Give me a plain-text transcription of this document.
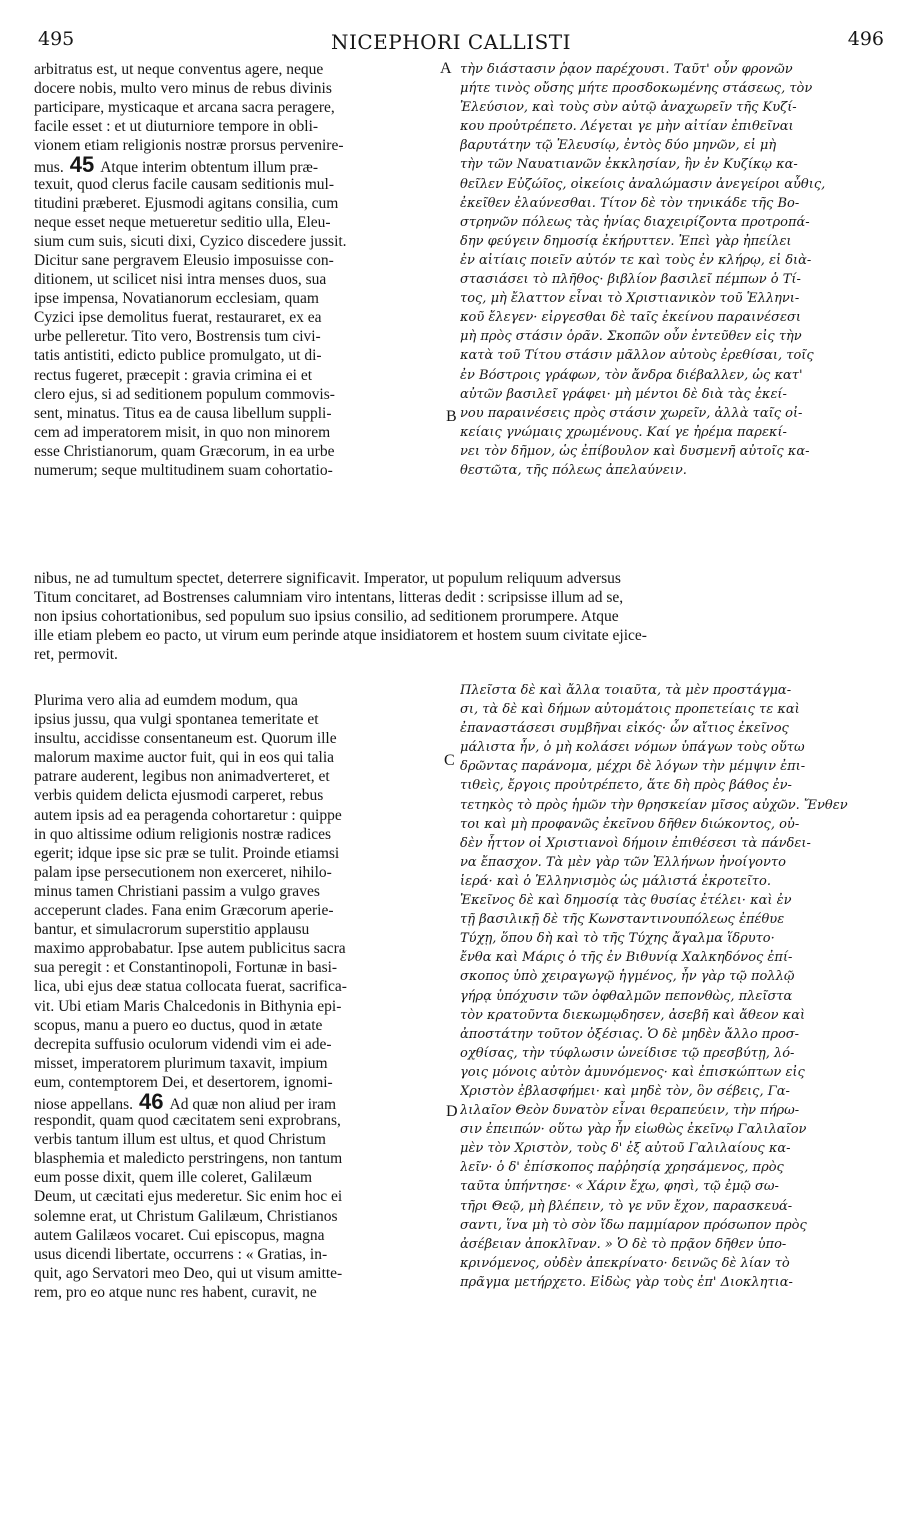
495	NICEPHORI CALLISTI	496
A
B
C
D
arbitratus est, ut neque conventus agere, neque
docere nobis, multo vero minus de rebus divinis
participare, mysticaque et arcana sacra peragere,
facile esset : et ut diuturniore tempore in obli-
vionem etiam religionis nostræ prorsus pervenire-
mus. 45 Atque interim obtentum illum præ-
texuit, quod clerus facile causam seditionis mul-
titudini præberet. Ejusmodi agitans consilia, cum
neque esset neque metueretur seditio ulla, Eleu-
sium cum suis, sicuti dixi, Cyzico discedere jussit.
Dicitur sane pergravem Eleusio imposuisse con-
ditionem, ut scilicet nisi intra menses duos, sua
ipse impensa, Novatianorum ecclesiam, quam
Cyzici ipse demolitus fuerat, restauraret, ex ea
urbe pelleretur. Tito vero, Bostrensis tum civi-
tatis antistiti, edicto publice promulgato, ut di-
rectus fugeret, præcepit : gravia crimina ei et
clero ejus, si ad seditionem populum commovis-
sent, minatus. Titus ea de causa libellum suppli-
cem ad imperatorem misit, in quo non minorem
esse Christianorum, quam Græcorum, in ea urbe
numerum; seque multitudinem suam cohortatio-
τὴν διάστασιν ῥᾳον παρέχουσι. Ταῦτ' οὖν φρονῶν
μήτε τινὸς οὔσης μήτε προσδοκωμένης στάσεως, τὸν
Ἐλεύσιον, καὶ τοὺς σὺν αὐτῷ ἀναχωρεῖν τῆς Κυζί-
κου προὐτρέπετο. Λέγεται γε μὴν αἰτίαν ἐπιθεῖναι
βαρυτάτην τῷ Ἐλευσίῳ, ἐντὸς δύο μηνῶν, εἰ μὴ
τὴν τῶν Ναυατιανῶν ἐκκλησίαν, ἣν ἐν Κυζίκῳ κα-
θεῖλεν Εὐζώῖος, οἰκείοις ἀναλώμασιν ἀνεγείροι αὖθις,
ἐκεῖθεν ἐλαύνεσθαι. Τίτον δὲ τὸν τηνικάδε τῆς Βο-
στρηνῶν πόλεως τὰς ἡνίας διαχειρίζοντα προτροπά-
δην φεύγειν δημοσίᾳ ἐκήρυττεν. Ἐπεὶ γὰρ ἠπείλει
ἐν αἰτίαις ποιεῖν αὐτόν τε καὶ τοὺς ἐν κλήρῳ, εἰ διὰ-
στασιάσει τὸ πλῆθος· βιβλίον βασιλεῖ πέμπων ὁ Τί-
τος, μὴ ἔλαττον εἶναι τὸ Χριστιανικὸν τοῦ Ἑλληνι-
κοῦ ἔλεγεν· εἰργεσθαι δὲ ταῖς ἐκείνου παραινέσεσι
μὴ πρὸς στάσιν ὁρᾶν. Σκοπῶν οὖν ἐντεῦθεν εἰς τὴν
κατὰ τοῦ Τίτου στάσιν μᾶλλον αὐτοὺς ἐρεθίσαι, τοῖς
ἐν Βόστροις γράφων, τὸν ἄνδρα διέβαλλεν, ὡς κατ'
αὐτῶν βασιλεῖ γράφει· μὴ μέντοι δὲ διὰ τὰς ἐκεί-
νου παραινέσεις πρὸς στάσιν χωρεῖν, ἀλλὰ ταῖς οἰ-
κείαις γνώμαις χρωμένους. Καί γε ἠρέμα παρεκί-
νει τὸν δῆμον, ὡς ἐπίβουλον καὶ δυσμενῆ αὐτοῖς κα-
θεστῶτα, τῆς πόλεως ἀπελαύνειν.
nibus, ne ad tumultum spectet, deterrere significavit. Imperator, ut populum reliquum adversus
Titum concitaret, ad Bostrenses calumniam viro intentans, litteras dedit : scripsisse illum ad se,
non ipsius cohortationibus, sed populum suo ipsius consilio, ad seditionem prorumpere. Atque
ille etiam plebem eo pacto, ut virum eum perinde atque insidiatorem et hostem suum civitate ejice-
ret, permovit.
Plurima vero alia ad eumdem modum, qua
ipsius jussu, qua vulgi spontanea temeritate et
insultu, accidisse consentaneum est. Quorum ille
malorum maxime auctor fuit, qui in eos qui talia
patrare auderent, legibus non animadverteret, et
verbis quidem delicta ejusmodi carperet, rebus
autem ipsis ad ea peragenda cohortaretur : quippe
in quo altissime odium religionis nostræ radices
egerit; idque ipse sic præ se tulit. Proinde etiamsi
palam ipse persecutionem non exerceret, nihilo-
minus tamen Christiani passim a vulgo graves
acceperunt clades. Fana enim Græcorum aperie-
bantur, et simulacrorum superstitio applausu
maximo approbabatur. Ipse autem publicitus sacra
sua peregit : et Constantinopoli, Fortunæ in basi-
lica, ubi ejus deæ statua collocata fuerat, sacrifica-
vit. Ubi etiam Maris Chalcedonis in Bithynia epi-
scopus, manu a puero eo ductus, quod in ætate
decrepita suffusio oculorum videndi vim ei ade-
misset, imperatorem plurimum taxavit, impium
eum, contemptorem Dei, et desertorem, ignomi-
niose appellans. 46 Ad quæ non aliud per iram
respondit, quam quod cæcitatem seni exprobrans,
verbis tantum illum est ultus, et quod Christum
blasphemia et maledicto perstringens, non tantum
eum posse dixit, quem ille coleret, Galilæum
Deum, ut cæcitati ejus mederetur. Sic enim hoc ei
solemne erat, ut Christum Galilæum, Christianos
autem Galilæos vocaret. Cui episcopus, magna
usus dicendi libertate, occurrens : « Gratias, in-
quit, ago Servatori meo Deo, qui ut visum amitte-
rem, pro eo atque nunc res habent, curavit, ne
Πλεῖστα δὲ καὶ ἄλλα τοιαῦτα, τὰ μὲν προστάγμα-
σι, τὰ δὲ καὶ δήμων αὐτομάτοις προπετείαις τε καὶ
ἐπαναστάσεσι συμβῆναι εἰκός· ὧν αἴτιος ἐκεῖνος
μάλιστα ἦν, ὁ μὴ κολάσει νόμων ὑπάγων τοὺς οὕτω
δρῶντας παράνομα, μέχρι δὲ λόγων τὴν μέμψιν ἐπι-
τιθεὶς, ἔργοις προὐτρέπετο, ἅτε δὴ πρὸς βάθος ἐν-
τετηκὸς τὸ πρὸς ἡμῶν τὴν θρησκείαν μῖσος αὐχῶν. Ἔνθεν
τοι καὶ μὴ προφανῶς ἐκεῖνου δῆθεν διώκοντος, οὐ-
δὲν ἧττον οἱ Χριστιανοὶ δήμοιν ἐπιθέσεσι τὰ πάνδει-
να ἔπασχον. Τὰ μὲν γὰρ τῶν Ἑλλήνων ἠνοίγοντο
ἱερά· καὶ ὁ Ἑλληνισμὸς ὡς μάλιστά ἐκροτεῖτο.
Ἐκεῖνος δὲ καὶ δημοσίᾳ τὰς θυσίας ἐτέλει· καὶ ἐν
τῇ βασιλικῇ δὲ τῆς Κωνσταντινουπόλεως ἐπέθυε
Τύχῃ, ὅπου δὴ καὶ τὸ τῆς Τύχης ἄγαλμα ἵδρυτο·
ἔνθα καὶ Μάρις ὁ τῆς ἐν Βιθυνίᾳ Χαλκηδόνος ἐπί-
σκοπος ὑπὸ χειραγωγῷ ἡγμένος, ἦν γὰρ τῷ πολλῷ
γήρᾳ ὑπόχυσιν τῶν ὀφθαλμῶν πεπονθὼς, πλεῖστα
τὸν κρατοῦντα διεκωμῳδησεν, ἀσεβῆ καὶ ἄθεον καὶ
ἀποστάτην τοῦτον ὀξέσιας. Ὁ δὲ μηδὲν ἄλλο προσ-
οχθίσας, τὴν τύφλωσιν ὠνείδισε τῷ πρεσβύτῃ, λό-
γοις μόνοις αὐτὸν ἀμυνόμενος· καὶ ἐπισκώπτων εἰς
Χριστὸν ἐβλασφήμει· καὶ μηδὲ τὸν, ὃν σέβεις, Γα-
λιλαῖον Θεὸν δυνατὸν εἶναι θεραπεύειν, τὴν πήρω-
σιν ἐπειπών· οὕτω γὰρ ἦν εἰωθὼς ἐκεῖνῳ Γαλιλαῖον
μὲν τὸν Χριστὸν, τοὺς δ' ἐξ αὐτοῦ Γαλιλαίους κα-
λεῖν· ὁ δ' ἐπίσκοπος παῤῥησίᾳ χρησάμενος, πρὸς
ταῦτα ὑπήντησε· « Χάριν ἔχω, φησὶ, τῷ ἐμῷ σω-
τῆρι Θεῷ, μὴ βλέπειν, τὸ γε νῦν ἔχον, παρασκευά-
σαντι, ἵνα μὴ τὸ σὸν ἴδω παμμίαρον πρόσωπον πρὸς
ἀσέβειαν ἀποκλῖναν. » Ὁ δὲ τὸ πρᾷον δῆθεν ὑπο-
κρινόμενος, οὐδὲν ἀπεκρίνατο· δεινῶς δὲ λίαν τὸ
πρᾶγμα μετήρχετο. Εἰδὼς γὰρ τοὺς ἐπ' Διοκλητια-
